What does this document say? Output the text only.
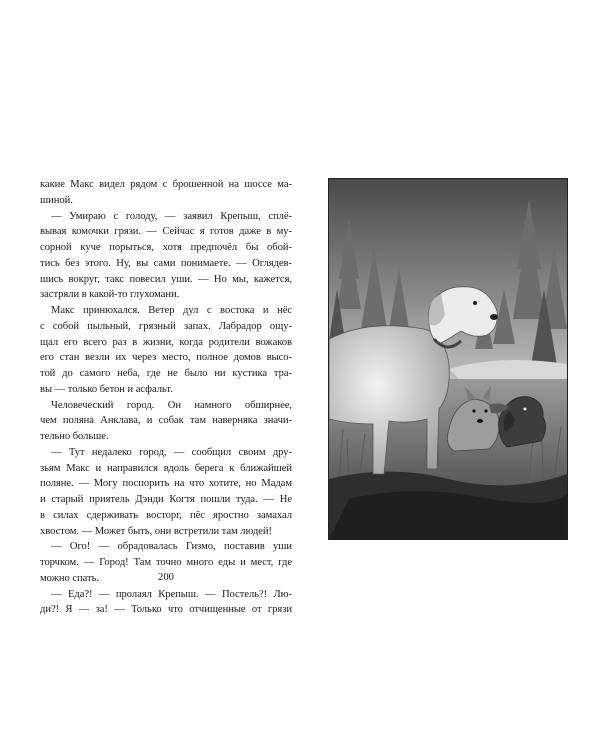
какие Макс видел рядом с брошенной на шоссе ма-
шиной.
— Умираю с голоду, — заявил Крепыш, сплё-
вывая комочки грязи. — Сейчас я готов даже в му-
сорной куче порыться, хотя предпочёл бы обой-
тись без этого. Ну, вы сами понимаете. — Оглядев-
шись вокруг, такс повесил уши. — Но мы, кажется,
застряли в какой-то глухомани.
Макс принюхался. Ветер дул с востока и нёс
с собой пыльный, грязный запах. Лабрадор ощу-
щал его всего раз в жизни, когда родители вожаков
его стан везли их через место, полное домов высо-
той до самого неба, где не было ни кустика тра-
вы — только бетон и асфальт.
Человеческий город. Он намного обширнее,
чем поляна Анклава, и собак там наверняка значи-
тельно больше.
— Тут недалеко город, — сообщил своим дру-
зьям Макс и направился вдоль берега к ближайшей
поляне. — Могу поспорить на что хотите, но Мадам
и старый приятель Дэнди Когтя пошли туда. — Не
в силах сдерживать восторг, пёс яростно замахал
хвостом. — Может быть, они встретили там людей!
— Ого! — обрадовалась Гизмо, поставив уши
торчком. — Город! Там точно много еды и мест, где
можно спать.
— Еда?! — пролаял Крепыш. — Постель?! Лю-
ди?! Я — за! — Только что отчищенные от грязи
200
